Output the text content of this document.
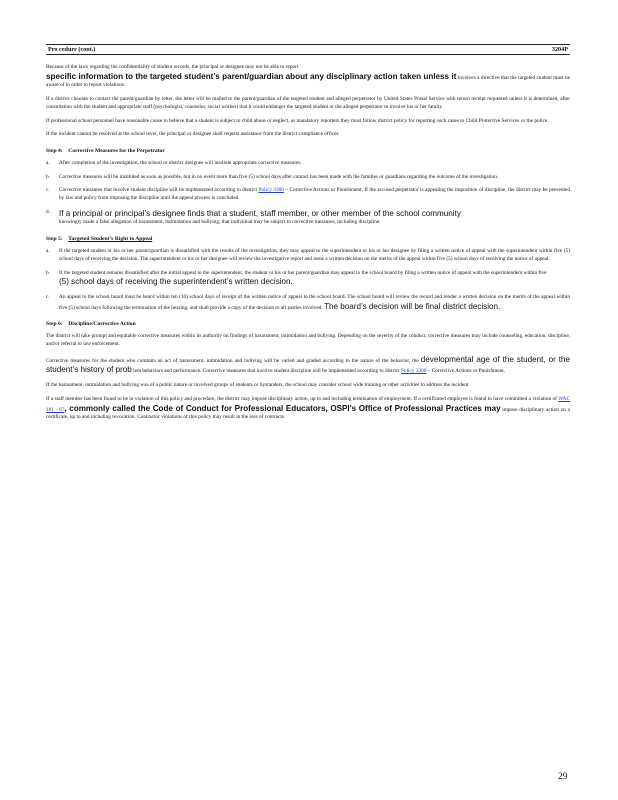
Pro cedure (cont.)	3204P

Because of the laws regarding the confidentiality of student records, the principal or designee may not be able to report
specific information to the targeted student’s parent/guardian about any disciplinary action taken unless it involves a directive that the targeted student must be aware of in order to report violations.

If a district chooses to contact the parent/guardian by letter, the letter will be mailed to the parent/guardian of the targeted student and alleged perpetrator by United States Postal Service with return receipt requested unless it is determined, after consultation with the student and appropriate staff (psychologist, counselor, social worker) that it could endanger the targeted student or the alleged perpetrator to involve his or her family.

If professional school personnel have reasonable cause to believe that a student is subject to child abuse or neglect, as mandatory reporters they must follow district policy for reporting such cases to Child Protective Services or the police.

If the incident cannot be resolved at the school level, the principal or designee shall request assistance from the district compliance officer.

Step 4: Corrective Measures for the Perpetrator
a.	After completion of the investigation, the school or district designee will institute appropriate corrective measures.
b.	Corrective measures will be instituted as soon as possible, but in no event more than five (5) school days after contact has been made with the families or guardians regarding the outcome of the investigation.
c.	Corrective measures that involve student discipline will be implemented according to district Policy 3300 – Corrective Actions or Punishment. If the accused perpetrator is appealing the imposition of discipline, the district may be prevented by law and policy from imposing the discipline until the appeal process is concluded.
d.	If a principal or principal’s designee finds that a student, staff member, or other member of the school community
knowingly made a false allegation of harassment, intimidation and bullying, that individual may be subject to corrective measures, including discipline.
Step 5: Targeted Student’s Right to Appeal
a.	If the targeted student or his or her parent/guardian is dissatisfied with the results of the investigation, they may appeal to the superintendent or his or her designee by filing a written notice of appeal with the superintendent within five (5) school days of receiving the decision. The superintendent or his or her designee will review the investigative report and issue a written decision on the merits of the appeal within five (5) school days of receiving the notice of appeal.
b.	If the targeted student remains dissatisfied after the initial appeal to the superintendent, the student or his or her parent/guardian may appeal to the school board by filing a written notice of appeal with the superintendent within five
(5) school days of receiving the superintendent’s written decision.
c.	An appeal to the school board must be heard within ten (10) school days of receipt of the written notice of appeal to the school board. The school board will review the record and render a written decision on the merits of the appeal within five (5) school days following the termination of the hearing, and shall provide a copy of the decision to all parties involved. The board’s decision will be final district decision.
Step 6: Discipline/Corrective Action

The district will take prompt and equitable corrective measures within its authority on findings of harassment, intimidation and bullying. Depending on the severity of the conduct, corrective measures may include counseling, education, discipline, and/or referral to law enforcement.

Corrective measures for the student who commits an act of harassment, intimidation and bullying will be varied and graded according to the nature of the behavior, the developmental age of the student, or the student’s history of prob lem behaviors and performance. Corrective measures that involve student discipline will be implemented according to district Policy 3300 – Corrective Actions or Punishment.

If the harassment, intimidation and bullying was of a public nature or involved groups of students or bystanders, the school may consider school wide training or other activities to address the incident.

If a staff member has been found to be in violation of this policy and procedure, the district may impose disciplinary action, up to and including termination of employment. If a certificated employee is found to have committed a violation of WAC 181 - 87, commonly called the Code of Conduct for Professional Educators, OSPI’s Office of Professional Practices may impose disciplinary action on a certificate, up to and including revocation. Contractor violations of this policy may result in the loss of contracts.

29
